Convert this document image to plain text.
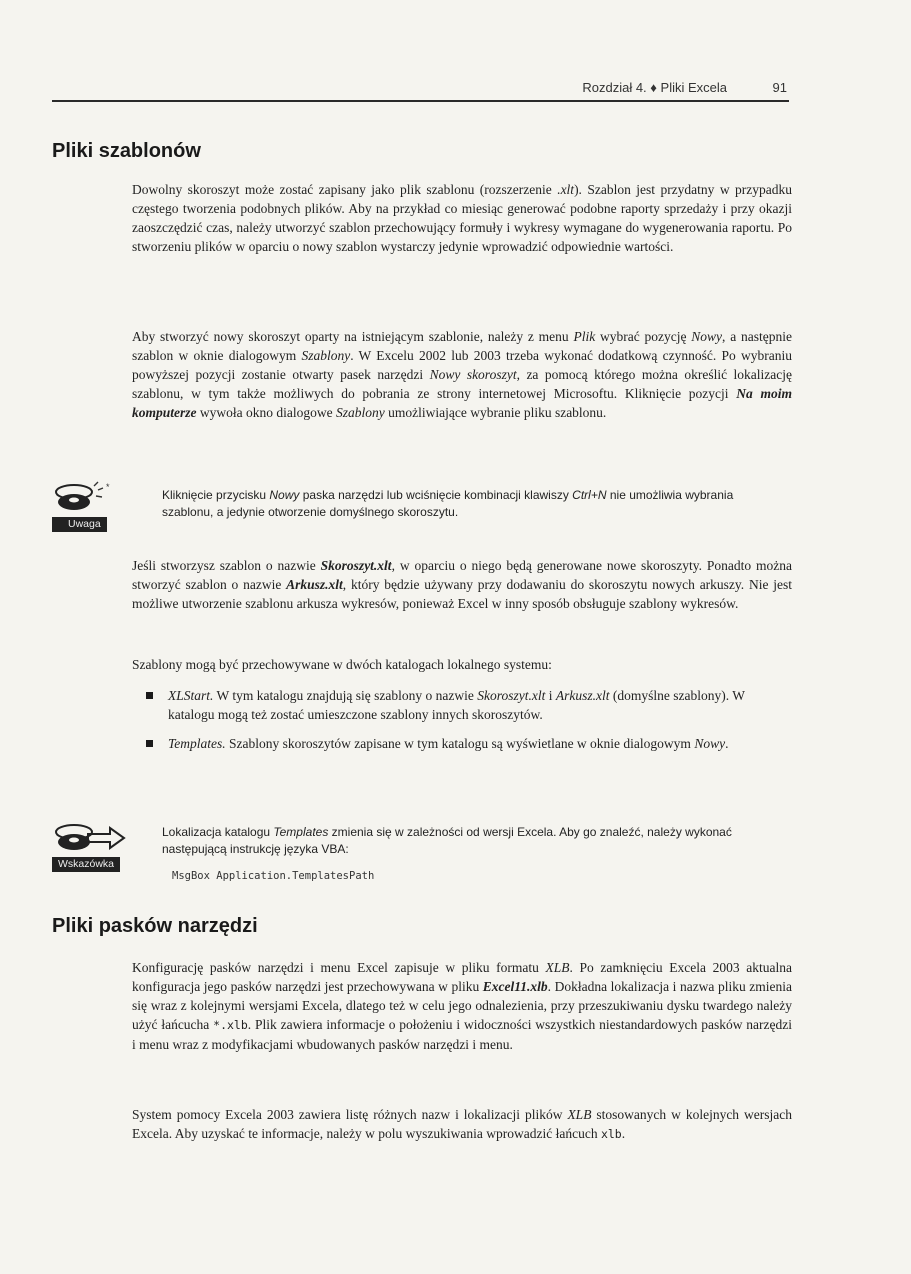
Rozdział 4. ♦ Pliki Excela	91
Pliki szablonów

Dowolny skoroszyt może zostać zapisany jako plik szablonu (rozszerzenie .xlt). Szablon jest przydatny w przypadku częstego tworzenia podobnych plików. Aby na przykład co miesiąc generować podobne raporty sprzedaży i przy okazji zaoszczędzić czas, należy utworzyć szablon przechowujący formuły i wykresy wymagane do wygenerowania raportu. Po stworzeniu plików w oparciu o nowy szablon wystarczy jedynie wprowadzić odpowiednie wartości.

Aby stworzyć nowy skoroszyt oparty na istniejącym szablonie, należy z menu Plik wybrać pozycję Nowy, a następnie szablon w oknie dialogowym Szablony. W Excelu 2002 lub 2003 trzeba wykonać dodatkową czynność. Po wybraniu powyższej pozycji zostanie otwarty pasek narzędzi Nowy skoroszyt, za pomocą którego można określić lokalizację szablonu, w tym także możliwych do pobrania ze strony internetowej Microsoftu. Kliknięcie pozycji Na moim komputerze wywoła okno dialogowe Szablony umożliwiające wybranie pliku szablonu.

*
Uwaga
Kliknięcie przycisku Nowy paska narzędzi lub wciśnięcie kombinacji klawiszy Ctrl+N nie umożliwia wybrania szablonu, a jedynie otworzenie domyślnego skoroszytu.

Jeśli stworzysz szablon o nazwie Skoroszyt.xlt, w oparciu o niego będą generowane nowe skoroszyty. Ponadto można stworzyć szablon o nazwie Arkusz.xlt, który będzie używany przy dodawaniu do skoroszytu nowych arkuszy. Nie jest możliwe utworzenie szablonu arkusza wykresów, ponieważ Excel w inny sposób obsługuje szablony wykresów.

Szablony mogą być przechowywane w dwóch katalogach lokalnego systemu:

XLStart. W tym katalogu znajdują się szablony o nazwie Skoroszyt.xlt i Arkusz.xlt (domyślne szablony). W katalogu mogą też zostać umieszczone szablony innych skoroszytów.
Templates. Szablony skoroszytów zapisane w tym katalogu są wyświetlane w oknie dialogowym Nowy.
Wskazówka
Lokalizacja katalogu Templates zmienia się w zależności od wersji Excela. Aby go znaleźć, należy wykonać następującą instrukcję języka VBA:
MsgBox Application.TemplatesPath
Pliki pasków narzędzi

Konfigurację pasków narzędzi i menu Excel zapisuje w pliku formatu XLB. Po zamknięciu Excela 2003 aktualna konfiguracja jego pasków narzędzi jest przechowywana w pliku Excel11.xlb. Dokładna lokalizacja i nazwa pliku zmienia się wraz z kolejnymi wersjami Excela, dlatego też w celu jego odnalezienia, przy przeszukiwaniu dysku twardego należy użyć łańcucha *.xlb. Plik zawiera informacje o położeniu i widoczności wszystkich niestandardowych pasków narzędzi i menu wraz z modyfikacjami wbudowanych pasków narzędzi i menu.

System pomocy Excela 2003 zawiera listę różnych nazw i lokalizacji plików XLB stosowanych w kolejnych wersjach Excela. Aby uzyskać te informacje, należy w polu wyszukiwania wprowadzić łańcuch xlb.
